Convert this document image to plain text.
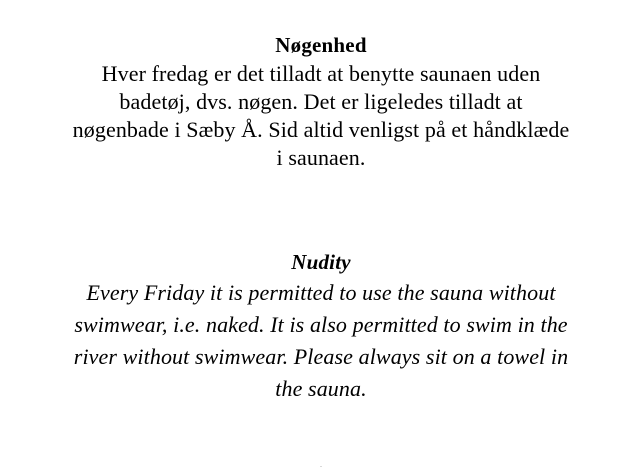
Nøgenhed
Hver fredag er det tilladt at benytte saunaen uden
badetøj, dvs. nøgen. Det er ligeledes tilladt at
nøgenbade i Sæby Å. Sid altid venligst på et håndklæde
i saunaen.
Nudity
Every Friday it is permitted to use the sauna without
swimwear, i.e. naked. It is also permitted to swim in the
river without swimwear. Please always sit on a towel in
the sauna.
